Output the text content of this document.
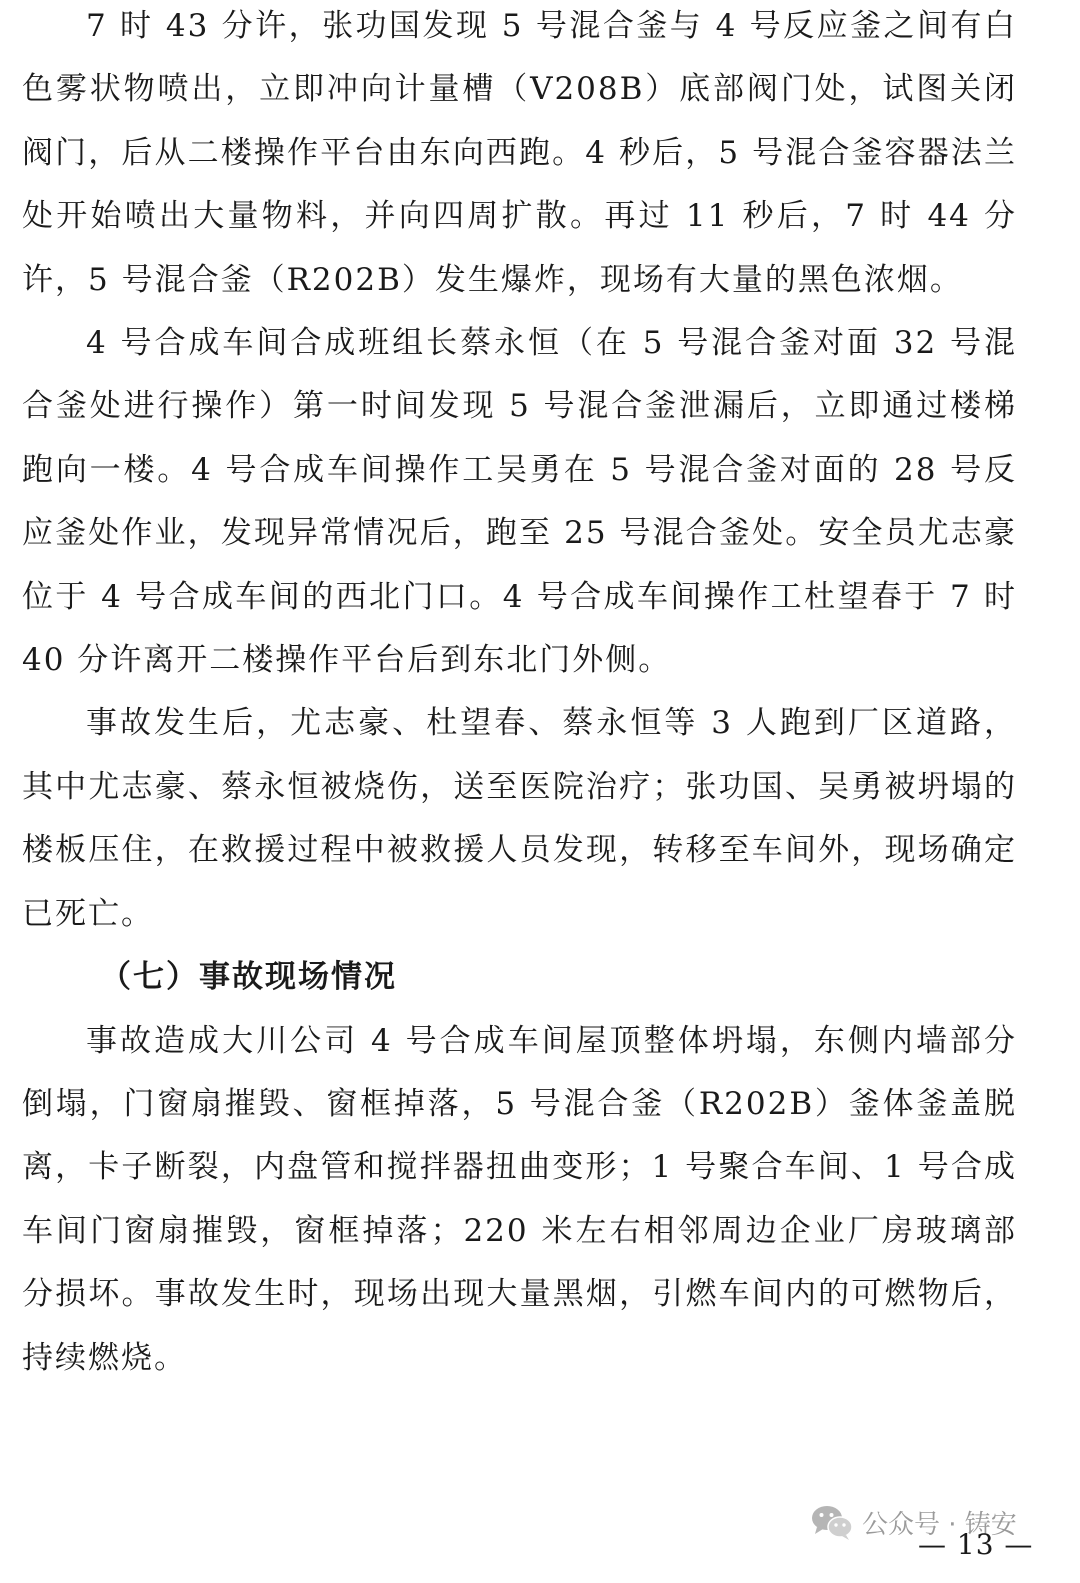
7 时 43 分许，张功国发现 5 号混合釜与 4 号反应釜之间有白色雾状物喷出，立即冲向计量槽（V208B）底部阀门处，试图关闭阀门，后从二楼操作平台由东向西跑。4 秒后，5 号混合釜容器法兰处开始喷出大量物料，并向四周扩散。再过 11 秒后，7 时 44 分许，5 号混合釜（R202B）发生爆炸，现场有大量的黑色浓烟。

4 号合成车间合成班组长蔡永恒（在 5 号混合釜对面 32 号混合釜处进行操作）第一时间发现 5 号混合釜泄漏后，立即通过楼梯跑向一楼。4 号合成车间操作工吴勇在 5 号混合釜对面的 28 号反应釜处作业，发现异常情况后，跑至 25 号混合釜处。安全员尤志豪位于 4 号合成车间的西北门口。4 号合成车间操作工杜望春于 7 时 40 分许离开二楼操作平台后到东北门外侧。

事故发生后，尤志豪、杜望春、蔡永恒等 3 人跑到厂区道路，其中尤志豪、蔡永恒被烧伤，送至医院治疗；张功国、吴勇被坍塌的楼板压住，在救援过程中被救援人员发现，转移至车间外，现场确定已死亡。

（七）事故现场情况

事故造成大川公司 4 号合成车间屋顶整体坍塌，东侧内墙部分倒塌，门窗扇摧毁、窗框掉落，5 号混合釜（R202B）釜体釜盖脱离，卡子断裂，内盘管和搅拌器扭曲变形；1 号聚合车间、1 号合成车间门窗扇摧毁，窗框掉落；220 米左右相邻周边企业厂房玻璃部分损坏。事故发生时，现场出现大量黑烟，引燃车间内的可燃物后，持续燃烧。

公众号 · 铸安
— 13 —
